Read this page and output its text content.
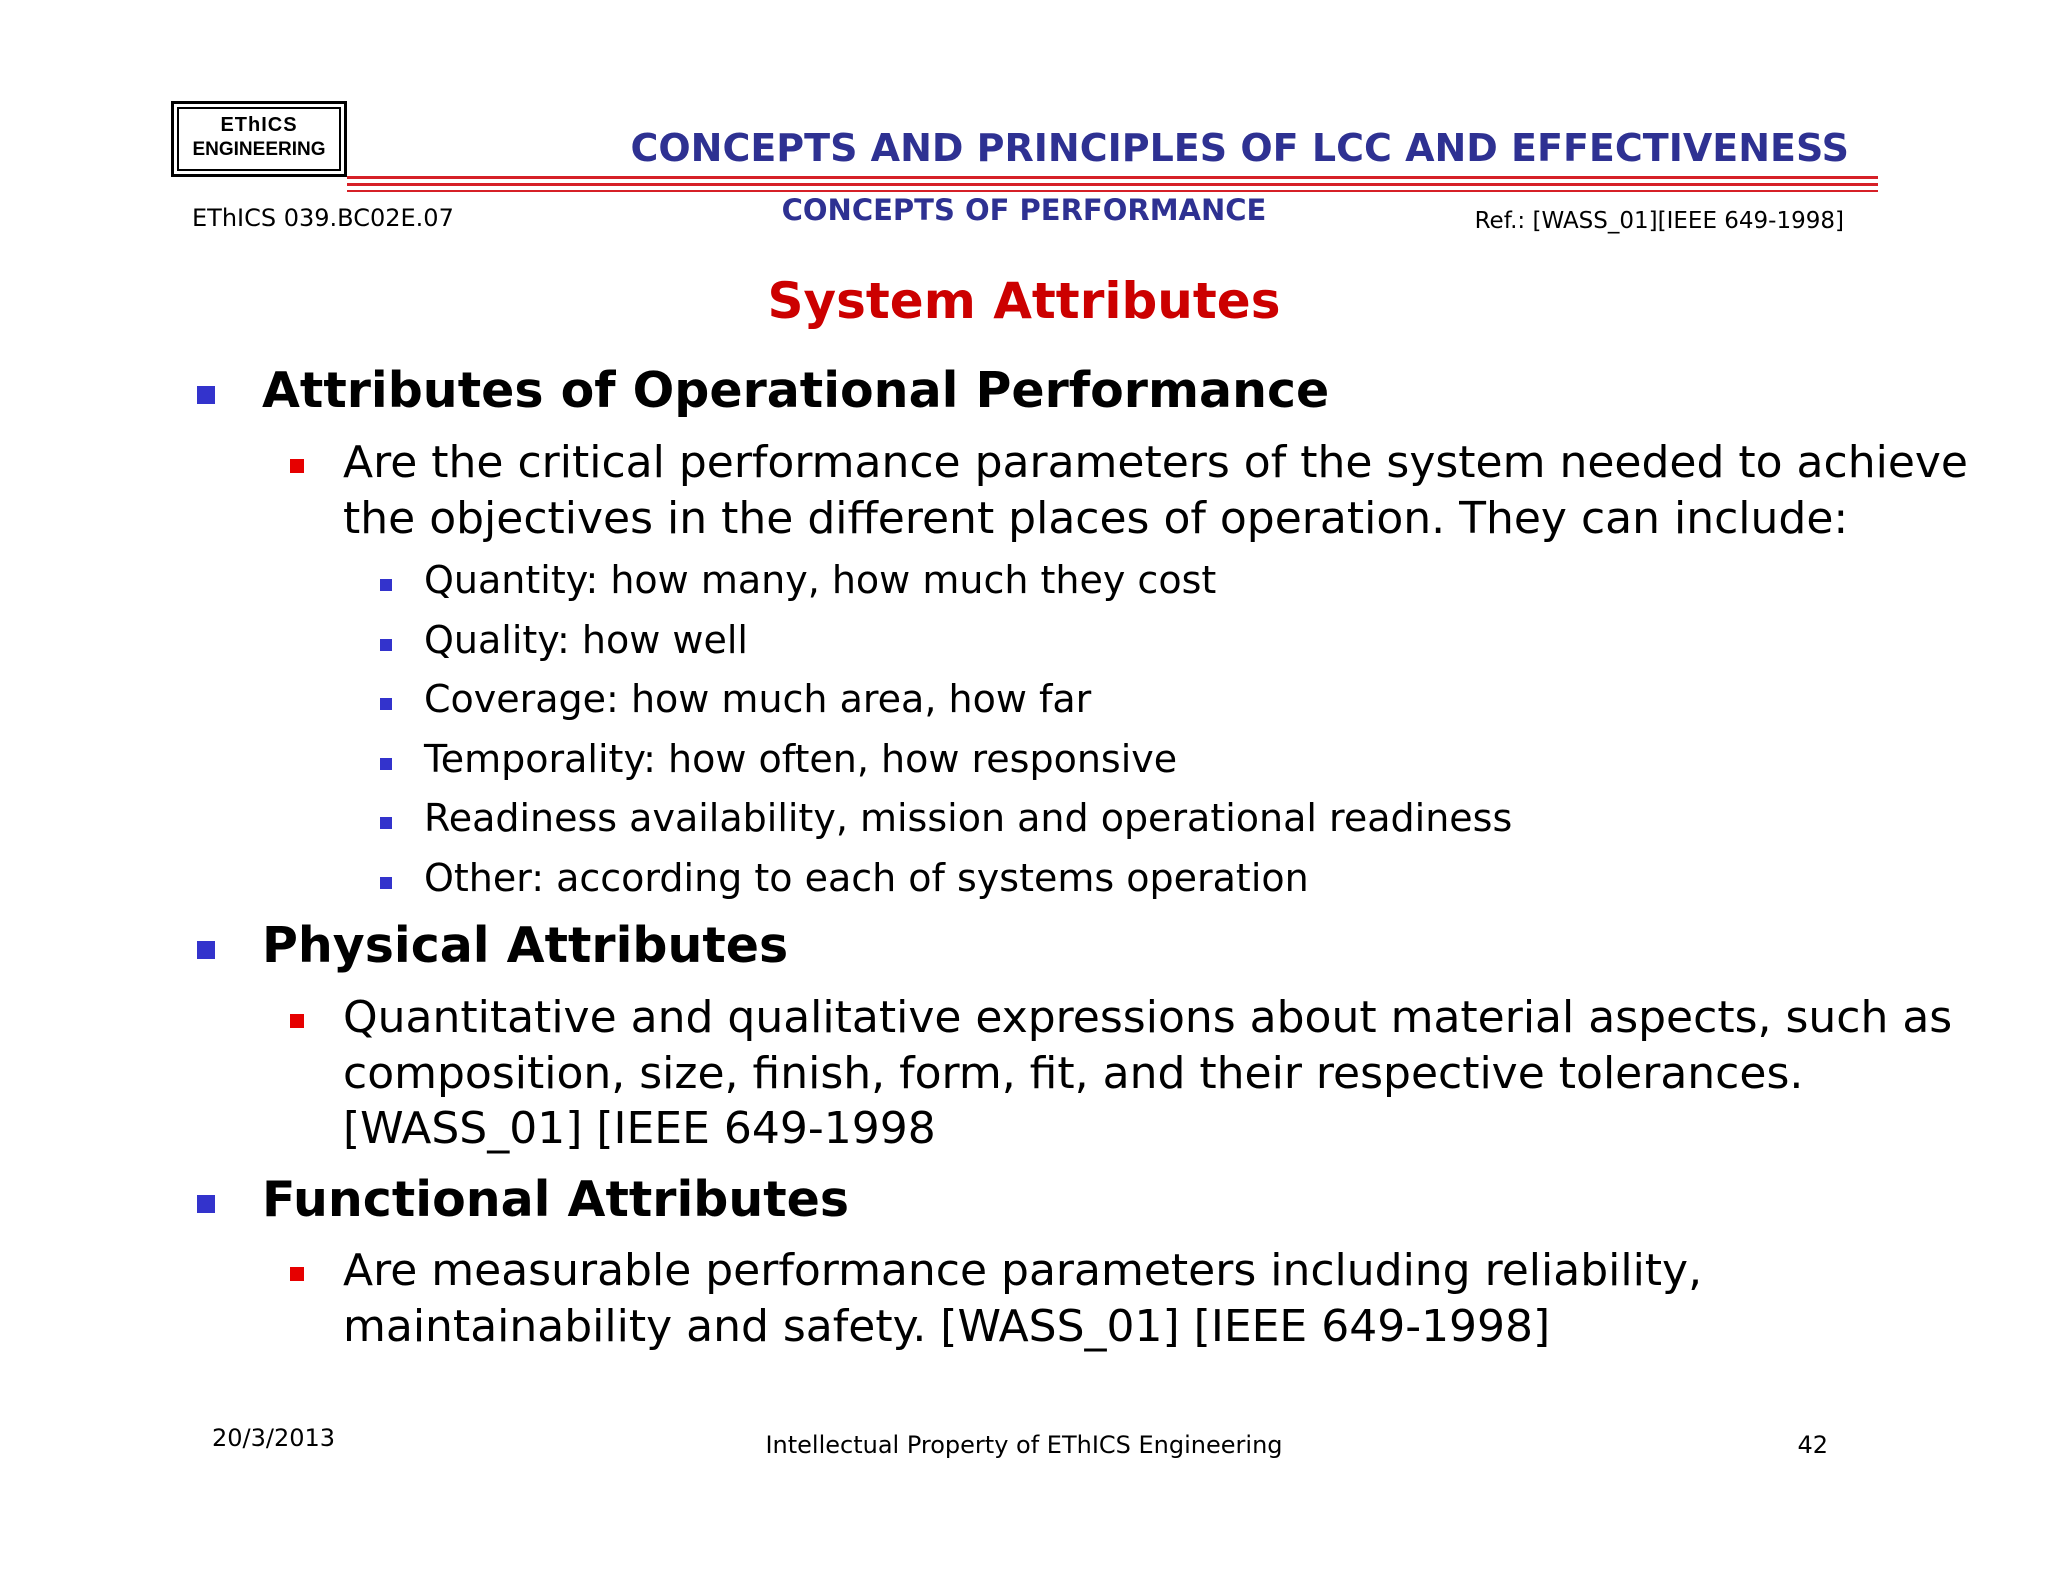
EThICS
ENGINEERING	CONCEPTS AND PRINCIPLES OF LCC AND EFFECTIVENESS
EThICS 039.BC02E.07	CONCEPTS OF PERFORMANCE	Ref.: [WASS_01][IEEE 649-1998]
System Attributes
Attributes of Operational Performance
Are the critical performance parameters of the system needed to achieve
the objectives in the different places of operation. They can include:
Quantity: how many, how much they cost
Quality: how well
Coverage: how much area, how far
Temporality: how often, how responsive
Readiness availability, mission and operational readiness
Other: according to each of systems operation
Physical Attributes
Quantitative and qualitative expressions about material aspects, such as
composition, size, finish, form, fit, and their respective tolerances.
[WASS_01] [IEEE 649-1998
Functional Attributes
Are measurable performance parameters including reliability,
maintainability and safety. [WASS_01] [IEEE 649-1998]
20/3/2013	Intellectual Property of EThICS Engineering	42
